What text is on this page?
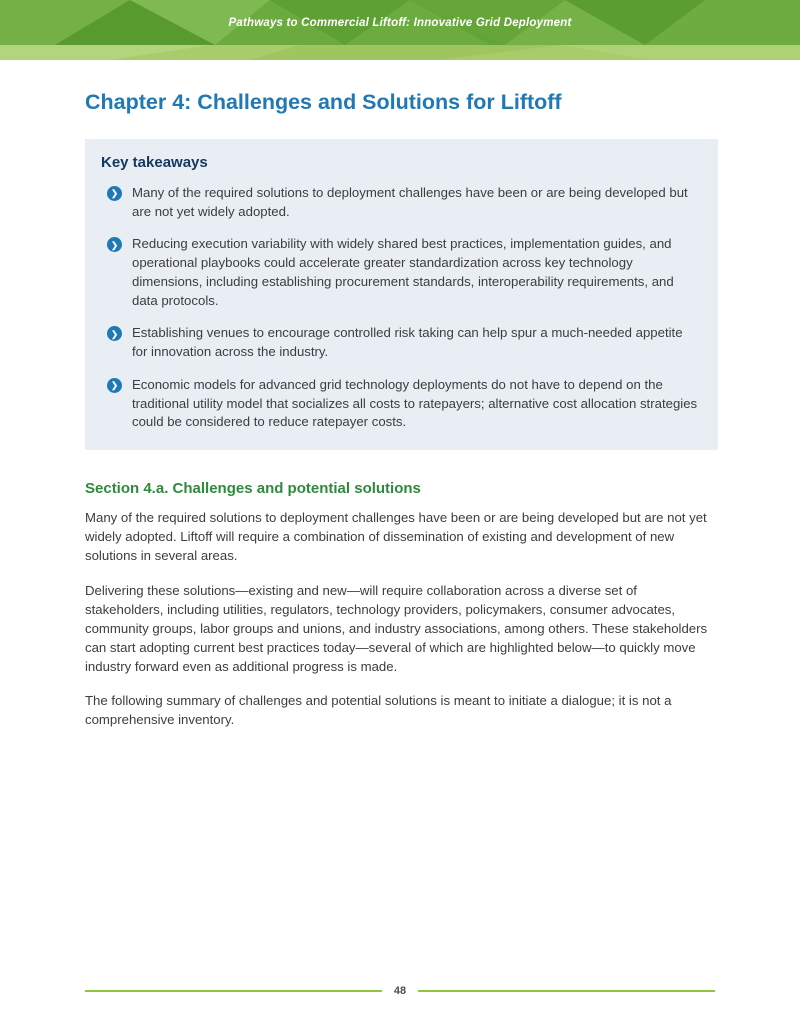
Pathways to Commercial Liftoff: Innovative Grid Deployment
Chapter 4: Challenges and Solutions for Liftoff
Key takeaways
❯ Many of the required solutions to deployment challenges have been or are being developed but are not yet widely adopted.
❯ Reducing execution variability with widely shared best practices, implementation guides, and operational playbooks could accelerate greater standardization across key technology dimensions, including establishing procurement standards, interoperability requirements, and data protocols.
❯ Establishing venues to encourage controlled risk taking can help spur a much-needed appetite for innovation across the industry.
❯ Economic models for advanced grid technology deployments do not have to depend on the traditional utility model that socializes all costs to ratepayers; alternative cost allocation strategies could be considered to reduce ratepayer costs.
Section 4.a. Challenges and potential solutions

Many of the required solutions to deployment challenges have been or are being developed but are not yet widely adopted. Liftoff will require a combination of dissemination of existing and development of new solutions in several areas.

Delivering these solutions—existing and new—will require collaboration across a diverse set of stakeholders, including utilities, regulators, technology providers, policymakers, consumer advocates, community groups, labor groups and unions, and industry associations, among others. These stakeholders can start adopting current best practices today—several of which are highlighted below—to quickly move industry forward even as additional progress is made.

The following summary of challenges and potential solutions is meant to initiate a dialogue; it is not a comprehensive inventory.

48
